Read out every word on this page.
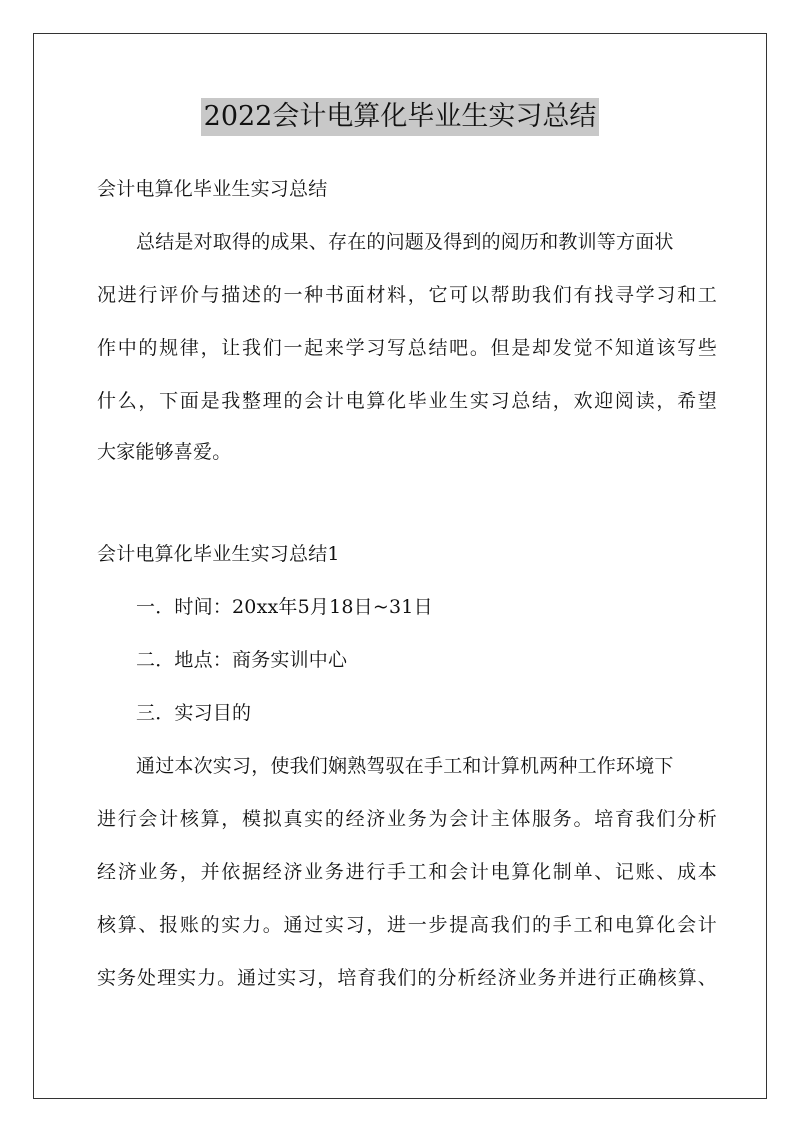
2022会计电算化毕业生实习总结
会计电算化毕业生实习总结
总结是对取得的成果、存在的问题及得到的阅历和教训等方面状
况进行评价与描述的一种书面材料，它可以帮助我们有找寻学习和工
作中的规律，让我们一起来学习写总结吧。但是却发觉不知道该写些
什么，下面是我整理的会计电算化毕业生实习总结，欢迎阅读，希望
大家能够喜爱。
会计电算化毕业生实习总结1
一．时间：20xx年5月18日~31日
二．地点：商务实训中心
三．实习目的
通过本次实习，使我们娴熟驾驭在手工和计算机两种工作环境下
进行会计核算，模拟真实的经济业务为会计主体服务。培育我们分析
经济业务，并依据经济业务进行手工和会计电算化制单、记账、成本
核算、报账的实力。通过实习，进一步提高我们的手工和电算化会计
实务处理实力。通过实习，培育我们的分析经济业务并进行正确核算、
